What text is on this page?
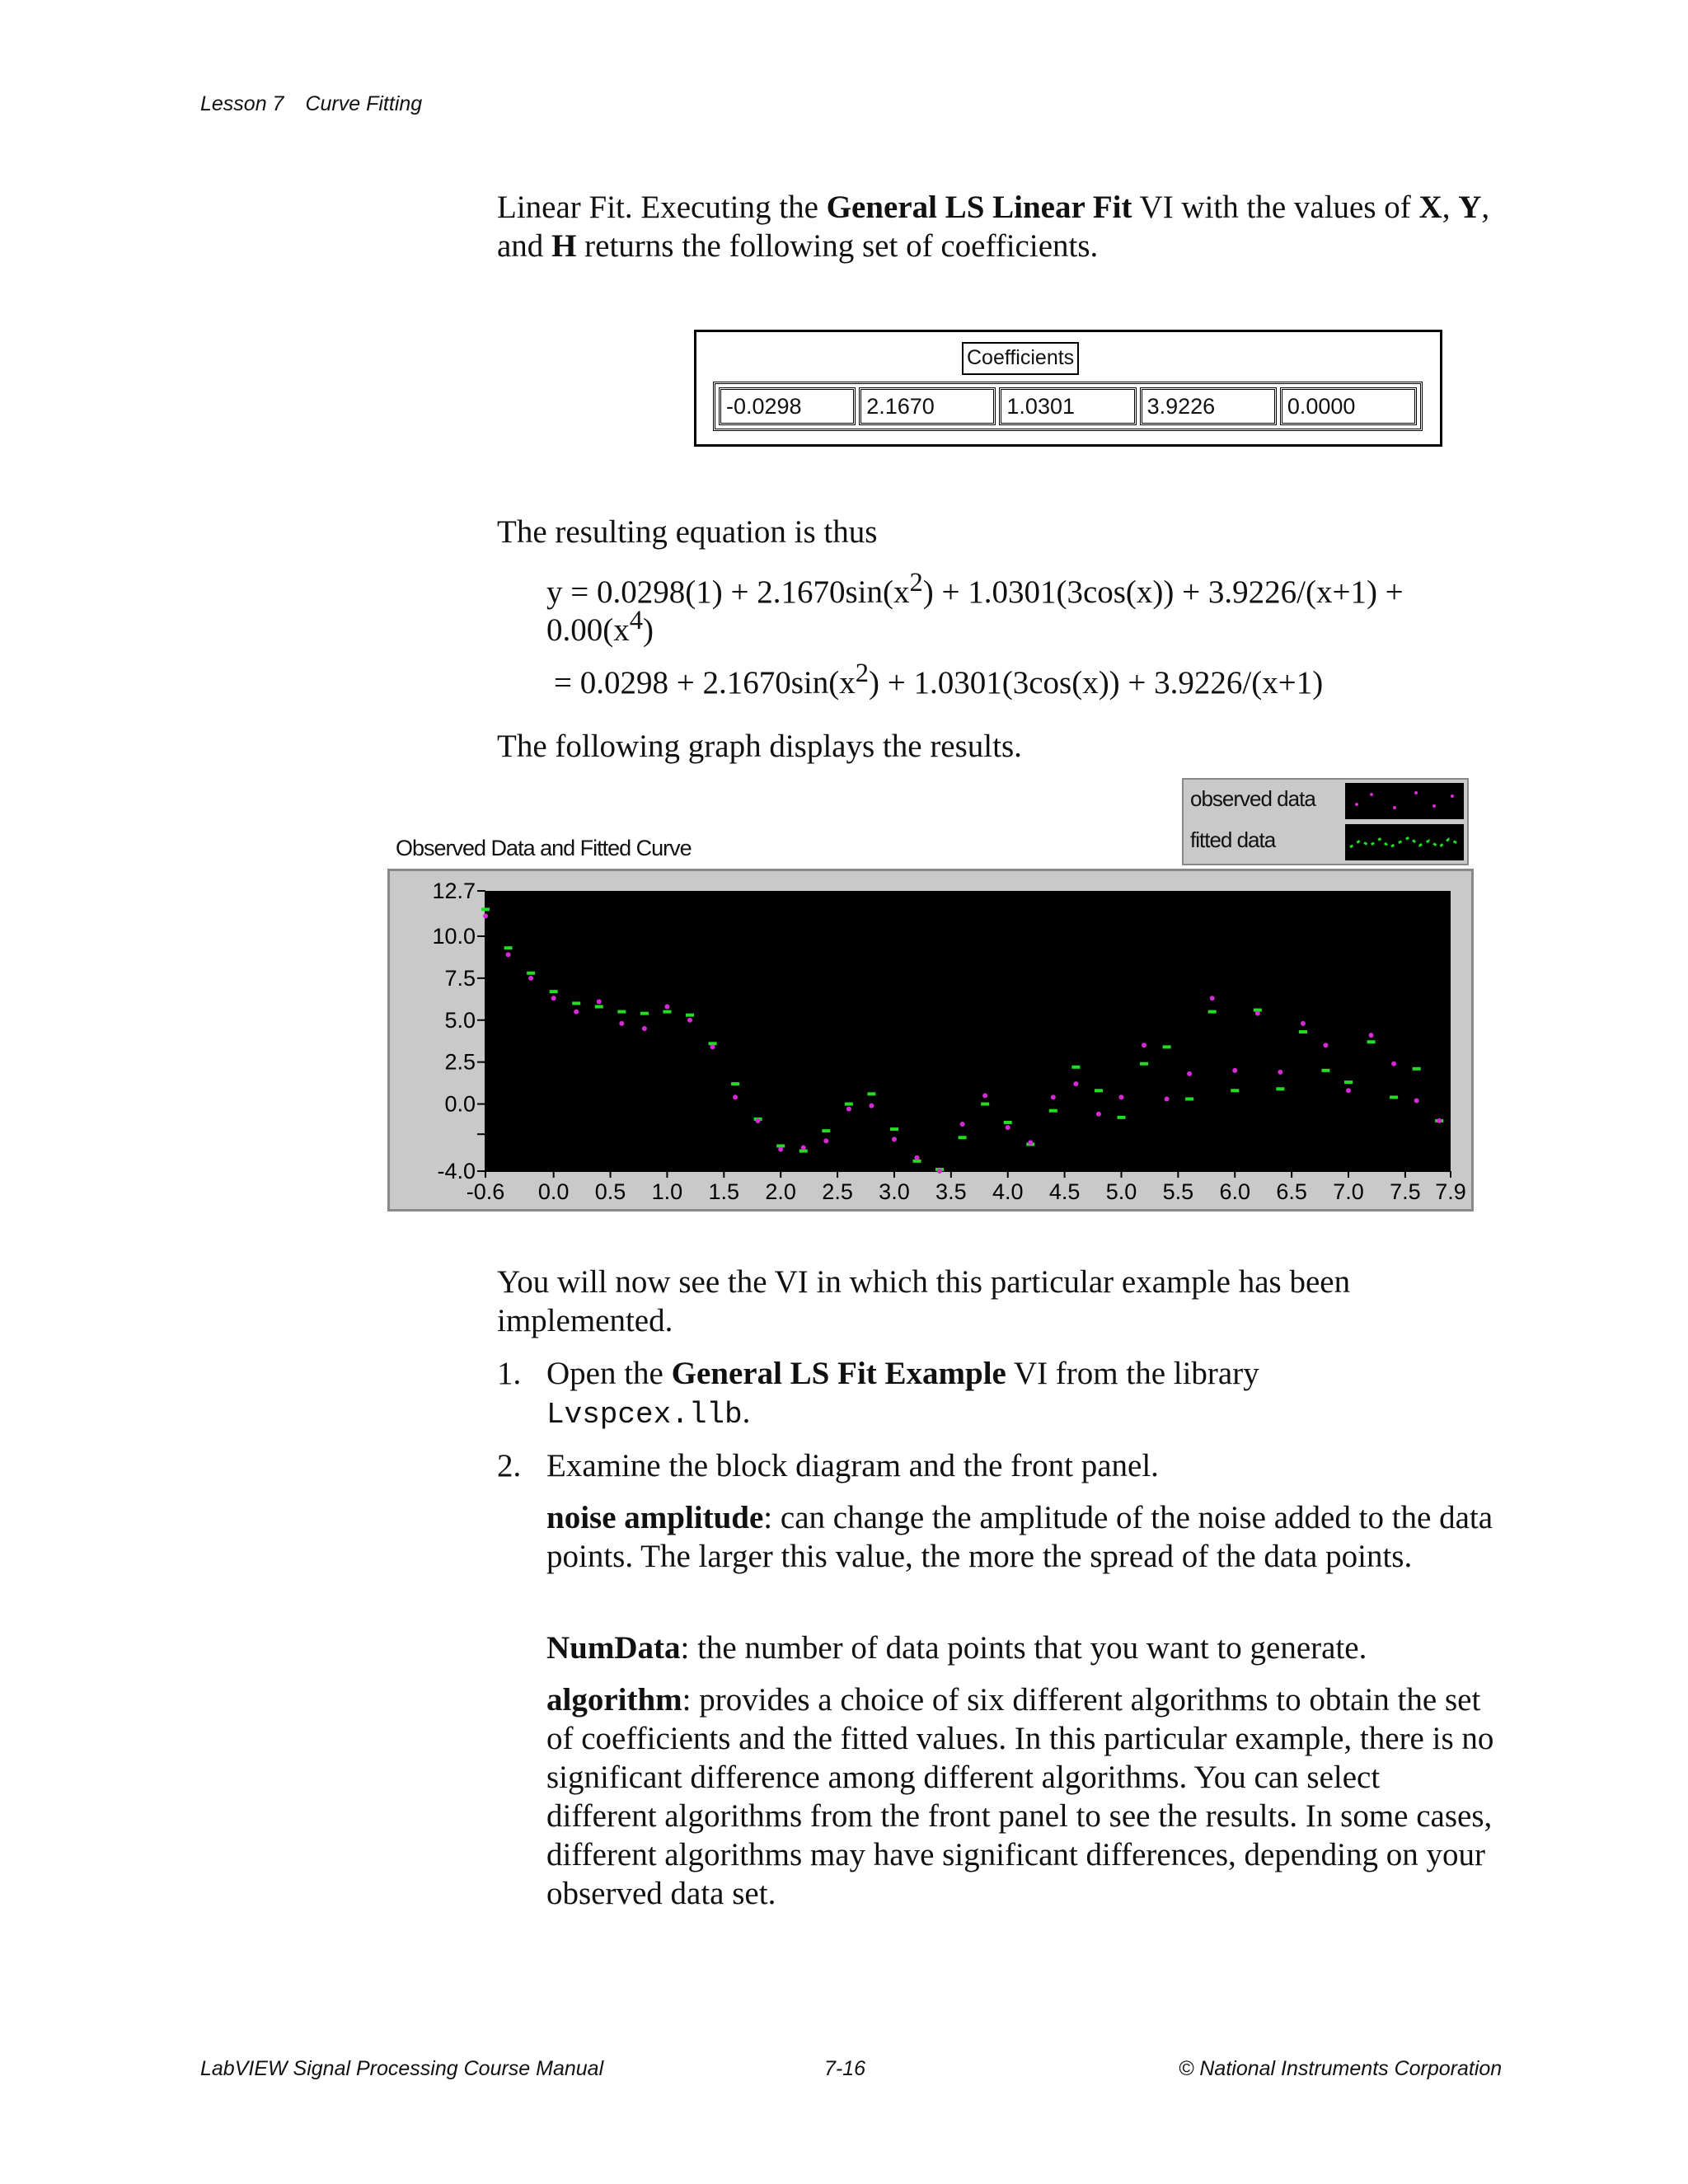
Lesson 7 Curve Fitting

Linear Fit. Executing the General LS Linear Fit VI with the values of X, Y, and H returns the following set of coefficients.

Coefficients
-0.0298	2.1670	1.0301	3.9226	0.0000

The resulting equation is thus

$y = 0.0298(1) + 2.1670\sin(x^2) + 1.0301(3\cos(x)) + 3.9226/(x+1)$ +

$0.00(x^4)$

= $0.0298 + 2.1670\sin(x^2) + 1.0301(3\cos(x)) + 3.9226/(x+1)$

The following graph displays the results.

observed data
fitted data
Observed Data and Fitted Curve
12.7
10.0
7.5
5.0
2.5
0.0
-4.0
-0.6 0.0 0.5 1.0 1.5 2.0 2.5 3.0 3.5 4.0 4.5 5.0 5.5 6.0 6.5 7.0 7.5 7.9

You will now see the VI in which this particular example has been implemented.

1. Open the General LS Fit Example VI from the library
Lvspcex.llb.
2. Examine the block diagram and the front panel.

noise amplitude: can change the amplitude of the noise added to the data points. The larger this value, the more the spread of the data points.

NumData: the number of data points that you want to generate.

algorithm: provides a choice of six different algorithms to obtain the set of coefficients and the fitted values. In this particular example, there is no significant difference among different algorithms. You can select different algorithms from the front panel to see the results. In some cases, different algorithms may have significant differences, depending on your observed data set.

LabVIEW Signal Processing Course Manual	7-16	© National Instruments Corporation
